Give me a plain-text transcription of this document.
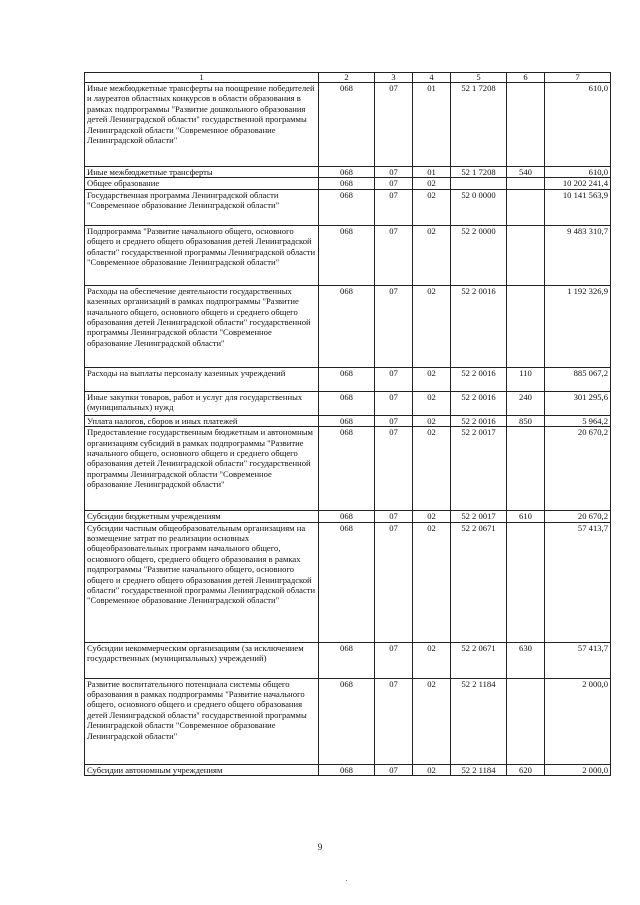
1	2	3	4	5	6	7
Иные межбюджетные трансферты на поощрение победителей и лауреатов областных конкурсов в области образования в рамках подпрограммы "Развитие дошкольного образования детей Ленинградской области" государственной программы Ленинградской области "Современное образование Ленинградской области"	068	07	01	52 1 7208		610,0
Иные межбюджетные трансферты	068	07	01	52 1 7208	540	610,0
Общее образование	068	07	02			10 202 241,4
Государственная программа Ленинградской области "Современное образование Ленинградской области"	068	07	02	52 0 0000		10 141 563,9
Подпрограмма "Развитие начального общего, основного общего и среднего общего образования детей Ленинградской области" государственной программы Ленинградской области "Современное образование Ленинградской области"	068	07	02	52 2 0000		9 483 310,7
Расходы на обеспечение деятельности государственных казенных организаций в рамках подпрограммы "Развитие начального общего, основного общего и среднего общего образования детей Ленинградской области" государственной программы Ленинградской области "Современное образование Ленинградской области"	068	07	02	52 2 0016		1 192 326,9
Расходы на выплаты персоналу казенных учреждений	068	07	02	52 2 0016	110	885 067,2
Иные закупки товаров, работ и услуг для государственных (муниципальных) нужд	068	07	02	52 2 0016	240	301 295,6
Уплата налогов, сборов и иных платежей	068	07	02	52 2 0016	850	5 964,2
Предоставление государственным бюджетным и автономным организациям субсидий в рамках подпрограммы "Развитие начального общего, основного общего и среднего общего образования детей Ленинградской области" государственной программы Ленинградской области "Современное образование Ленинградской области"	068	07	02	52 2 0017		20 670,2
Субсидии бюджетным учреждениям	068	07	02	52 2 0017	610	20 670,2
Субсидии частным общеобразовательным организациям на возмещение затрат по реализации основных общеобразовательных программ начального общего, основного общего, среднего общего образования в рамках подпрограммы "Развитие начального общего, основного общего и среднего общего образования детей Ленинградской области" государственной программы Ленинградской области "Современное образование Ленинградской области"	068	07	02	52 2 0671		57 413,7
Субсидии некоммерческим организациям (за исключением государственных (муниципальных) учреждений)	068	07	02	52 2 0671	630	57 413,7
Развитие воспитательного потенциала системы общего образования в рамках подпрограммы "Развитие начального общего, основного общего и среднего общего образования детей Ленинградской области" государственной программы Ленинградской области "Современное образование Ленинградской области"	068	07	02	52 2 1184		2 000,0
Субсидии автономным учреждениям	068	07	02	52 2 1184	620	2 000,0
9
